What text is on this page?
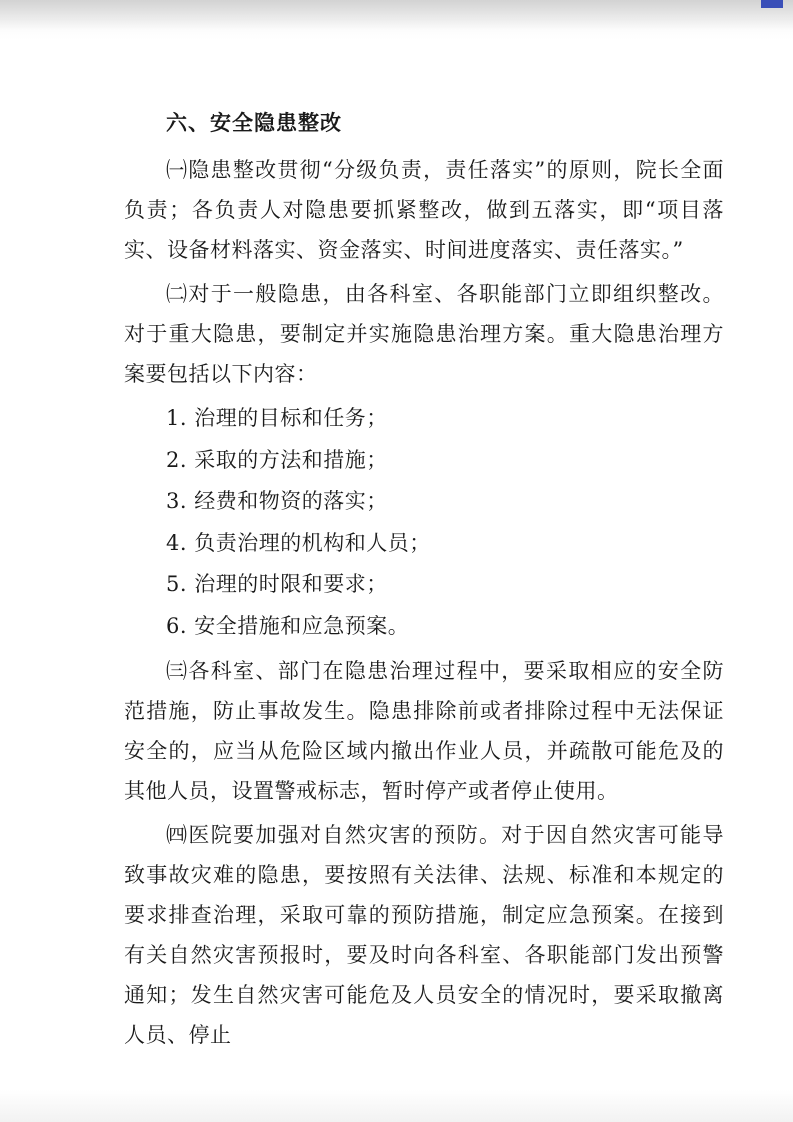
六、安全隐患整改

㈠隐患整改贯彻“分级负责，责任落实”的原则，院长全面负责；各负责人对隐患要抓紧整改，做到五落实，即“项目落实、设备材料落实、资金落实、时间进度落实、责任落实。”

㈡对于一般隐患，由各科室、各职能部门立即组织整改。对于重大隐患，要制定并实施隐患治理方案。重大隐患治理方案要包括以下内容：

1. 治理的目标和任务；

2. 采取的方法和措施；

3. 经费和物资的落实；

4. 负责治理的机构和人员；

5. 治理的时限和要求；

6. 安全措施和应急预案。

㈢各科室、部门在隐患治理过程中，要采取相应的安全防范措施，防止事故发生。隐患排除前或者排除过程中无法保证安全的，应当从危险区域内撤出作业人员，并疏散可能危及的其他人员，设置警戒标志，暂时停产或者停止使用。

㈣医院要加强对自然灾害的预防。对于因自然灾害可能导致事故灾难的隐患，要按照有关法律、法规、标准和本规定的要求排查治理，采取可靠的预防措施，制定应急预案。在接到有关自然灾害预报时，要及时向各科室、各职能部门发出预警通知；发生自然灾害可能危及人员安全的情况时，要采取撤离人员、停止
